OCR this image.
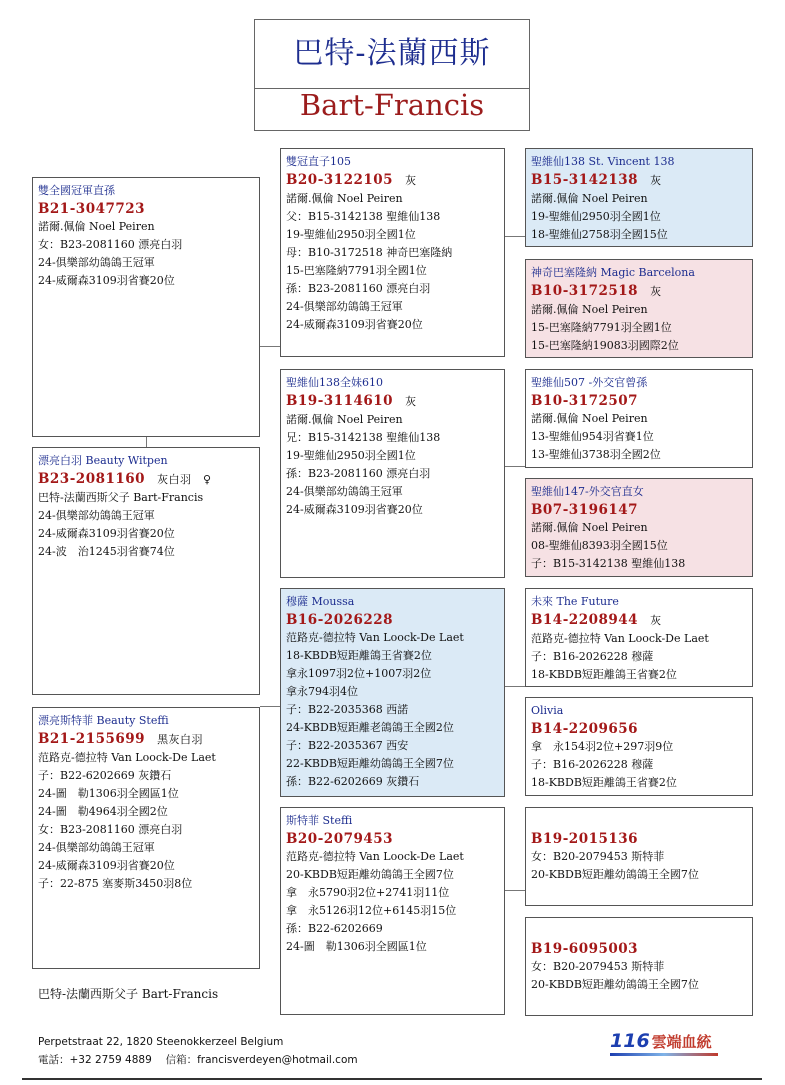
巴特-法蘭西斯
Bart-Francis
雙全國冠軍直孫
B21-3047723
諾爾.佩倫 Noel Peiren
女：B23-2081160 漂亮白羽
24-俱樂部幼鴿鴿王冠軍
24-威爾森3109羽省賽20位
漂亮白羽 Beauty Witpen
B23-2081160 灰白羽　♀
巴特-法蘭西斯父子 Bart-Francis
24-俱樂部幼鴿鴿王冠軍
24-威爾森3109羽省賽20位
24-波　治1245羽省賽74位
漂亮斯特菲 Beauty Steffi
B21-2155699 黑灰白羽
范路克-德拉特 Van Loock-De Laet
子：B22-6202669 灰鑽石
24-圖　勒1306羽全國區1位
24-圖　勒4964羽全國2位
女：B23-2081160 漂亮白羽
24-俱樂部幼鴿鴿王冠軍
24-威爾森3109羽省賽20位
子：22-875 塞麥斯3450羽8位
雙冠直子105
B20-3122105 灰
諾爾.佩倫 Noel Peiren
父：B15-3142138 聖維仙138
19-聖維仙2950羽全國1位
母：B10-3172518 神奇巴塞隆納
15-巴塞隆納7791羽全國1位
孫：B23-2081160 漂亮白羽
24-俱樂部幼鴿鴿王冠軍
24-威爾森3109羽省賽20位
聖維仙138全妹610
B19-3114610 灰
諾爾.佩倫 Noel Peiren
兄：B15-3142138 聖維仙138
19-聖維仙2950羽全國1位
孫：B23-2081160 漂亮白羽
24-俱樂部幼鴿鴿王冠軍
24-威爾森3109羽省賽20位
穆薩 Moussa
B16-2026228
范路克-德拉特 Van Loock-De Laet
18-KBDB短距離鴿王省賽2位
拿永1097羽2位+1007羽2位
拿永794羽4位
子：B22-2035368 西諾
24-KBDB短距離老鴿鴿王全國2位
子：B22-2035367 西安
22-KBDB短距離幼鴿鴿王全國7位
孫：B22-6202669 灰鑽石
斯特菲 Steffi
B20-2079453
范路克-德拉特 Van Loock-De Laet
20-KBDB短距離幼鴿鴿王全國7位
拿　永5790羽2位+2741羽11位
拿　永5126羽12位+6145羽15位
孫：B22-6202669
24-圖　勒1306羽全國區1位
聖維仙138 St. Vincent 138
B15-3142138 灰
諾爾.佩倫 Noel Peiren
19-聖維仙2950羽全國1位
18-聖維仙2758羽全國15位
神奇巴塞隆納 Magic Barcelona
B10-3172518 灰
諾爾.佩倫 Noel Peiren
15-巴塞隆納7791羽全國1位
15-巴塞隆納19083羽國際2位
聖維仙507 -外交官曾孫
B10-3172507
諾爾.佩倫 Noel Peiren
13-聖維仙954羽省賽1位
13-聖維仙3738羽全國2位
聖維仙147-外交官直女
B07-3196147
諾爾.佩倫 Noel Peiren
08-聖維仙8393羽全國15位
子：B15-3142138 聖維仙138
未來 The Future
B14-2208944 灰
范路克-德拉特 Van Loock-De Laet
子：B16-2026228 穆薩
18-KBDB短距離鴿王省賽2位
Olivia
B14-2209656
拿　永154羽2位+297羽9位
子：B16-2026228 穆薩
18-KBDB短距離鴿王省賽2位
B19-2015136
女：B20-2079453 斯特菲
20-KBDB短距離幼鴿鴿王全國7位
B19-6095003
女：B20-2079453 斯特菲
20-KBDB短距離幼鴿鴿王全國7位
巴特-法蘭西斯父子 Bart-Francis
Perpetstraat 22, 1820 Steenokkerzeel Belgium
電話：+32 2759 4889　 信箱：francisverdeyen@hotmail.com
116 雲端血統
